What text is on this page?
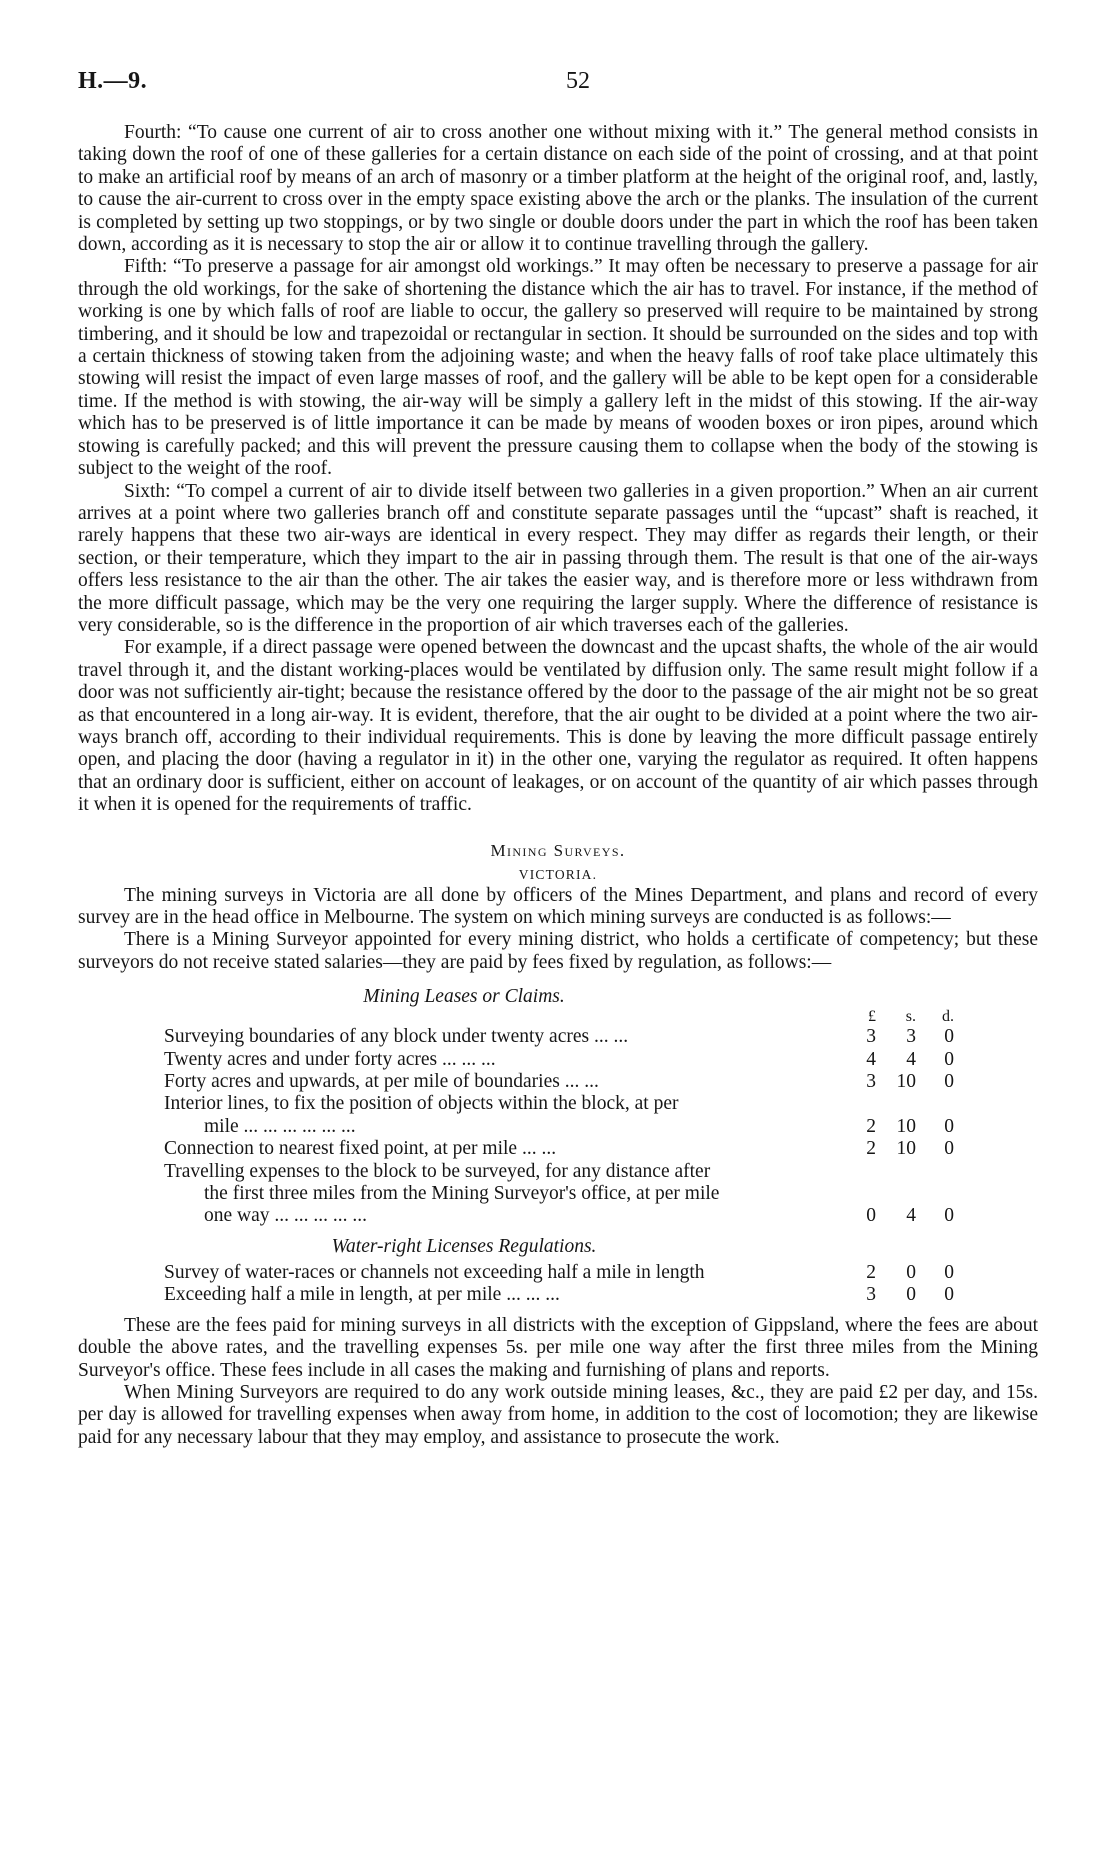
H.—9.	52

Fourth: “To cause one current of air to cross another one without mixing with it.” The general method consists in taking down the roof of one of these galleries for a certain distance on each side of the point of crossing, and at that point to make an artificial roof by means of an arch of masonry or a timber platform at the height of the original roof, and, lastly, to cause the air-current to cross over in the empty space existing above the arch or the planks. The insulation of the current is completed by setting up two stoppings, or by two single or double doors under the part in which the roof has been taken down, according as it is necessary to stop the air or allow it to continue travelling through the gallery.

Fifth: “To preserve a passage for air amongst old workings.” It may often be necessary to preserve a passage for air through the old workings, for the sake of shortening the distance which the air has to travel. For instance, if the method of working is one by which falls of roof are liable to occur, the gallery so preserved will require to be maintained by strong timbering, and it should be low and trapezoidal or rectangular in section. It should be surrounded on the sides and top with a certain thickness of stowing taken from the adjoining waste; and when the heavy falls of roof take place ultimately this stowing will resist the impact of even large masses of roof, and the gallery will be able to be kept open for a considerable time. If the method is with stowing, the air-way will be simply a gallery left in the midst of this stowing. If the air-way which has to be preserved is of little importance it can be made by means of wooden boxes or iron pipes, around which stowing is carefully packed; and this will prevent the pressure causing them to collapse when the body of the stowing is subject to the weight of the roof.

Sixth: “To compel a current of air to divide itself between two galleries in a given proportion.” When an air current arrives at a point where two galleries branch off and constitute separate passages until the “upcast” shaft is reached, it rarely happens that these two air-ways are identical in every respect. They may differ as regards their length, or their section, or their temperature, which they impart to the air in passing through them. The result is that one of the air-ways offers less resistance to the air than the other. The air takes the easier way, and is therefore more or less withdrawn from the more difficult passage, which may be the very one requiring the larger supply. Where the difference of resistance is very considerable, so is the difference in the proportion of air which traverses each of the galleries.

For example, if a direct passage were opened between the downcast and the upcast shafts, the whole of the air would travel through it, and the distant working-places would be ventilated by diffusion only. The same result might follow if a door was not sufficiently air-tight; because the resistance offered by the door to the passage of the air might not be so great as that encountered in a long air-way. It is evident, therefore, that the air ought to be divided at a point where the two air-ways branch off, according to their individual requirements. This is done by leaving the more difficult passage entirely open, and placing the door (having a regulator in it) in the other one, varying the regulator as required. It often happens that an ordinary door is sufficient, either on account of leakages, or on account of the quantity of air which passes through it when it is opened for the requirements of traffic.

Mining Surveys.
VICTORIA.

The mining surveys in Victoria are all done by officers of the Mines Department, and plans and record of every survey are in the head office in Melbourne. The system on which mining surveys are conducted is as follows:—

There is a Mining Surveyor appointed for every mining district, who holds a certificate of competency; but these surveyors do not receive stated salaries—they are paid by fees fixed by regulation, as follows:—

Mining Leases or Claims.
£	s.	d.
Surveying boundaries of any block under twenty acres ... ...	3	3	0
Twenty acres and under forty acres ... ... ...	4	4	0
Forty acres and upwards, at per mile of boundaries ... ...	3	10	0
Interior lines, to fix the position of objects within the block, at per
mile ... ... ... ... ... ...	2	10	0
Connection to nearest fixed point, at per mile ... ...	2	10	0
Travelling expenses to the block to be surveyed, for any distance after
the first three miles from the Mining Surveyor's office, at per mile
one way ... ... ... ... ...	0	4	0
Water-right Licenses Regulations.
Survey of water-races or channels not exceeding half a mile in length	2	0	0
Exceeding half a mile in length, at per mile ... ... ...	3	0	0

These are the fees paid for mining surveys in all districts with the exception of Gippsland, where the fees are about double the above rates, and the travelling expenses 5s. per mile one way after the first three miles from the Mining Surveyor's office. These fees include in all cases the making and furnishing of plans and reports.

When Mining Surveyors are required to do any work outside mining leases, &c., they are paid £2 per day, and 15s. per day is allowed for travelling expenses when away from home, in addition to the cost of locomotion; they are likewise paid for any necessary labour that they may employ, and assistance to prosecute the work.
